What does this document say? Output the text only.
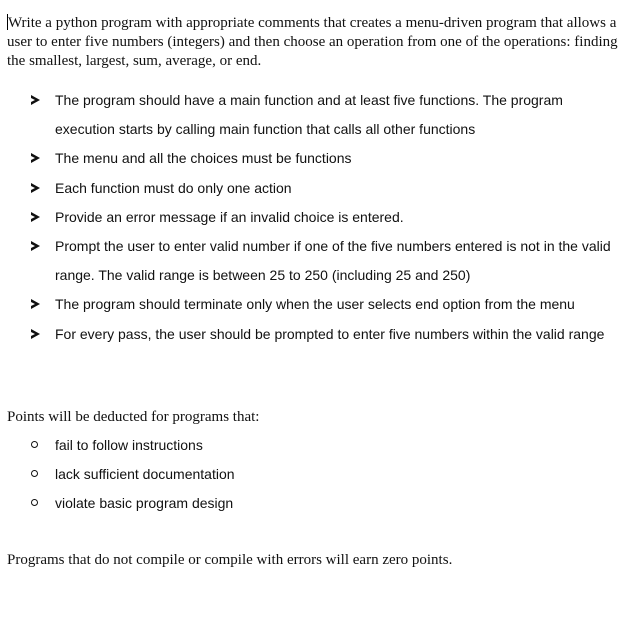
Write a python program with appropriate comments that creates a menu-driven program that allows a user to enter five numbers (integers) and then choose an operation from one of the operations: finding the smallest, largest, sum, average, or end.

The program should have a main function and at least five functions. The program execution starts by calling main function that calls all other functions
The menu and all the choices must be functions
Each function must do only one action
Provide an error message if an invalid choice is entered.
Prompt the user to enter valid number if one of the five numbers entered is not in the valid range. The valid range is between 25 to 250 (including 25 and 250)
The program should terminate only when the user selects end option from the menu
For every pass, the user should be prompted to enter five numbers within the valid range

Points will be deducted for programs that:

fail to follow instructions
lack sufficient documentation
violate basic program design

Programs that do not compile or compile with errors will earn zero points.
